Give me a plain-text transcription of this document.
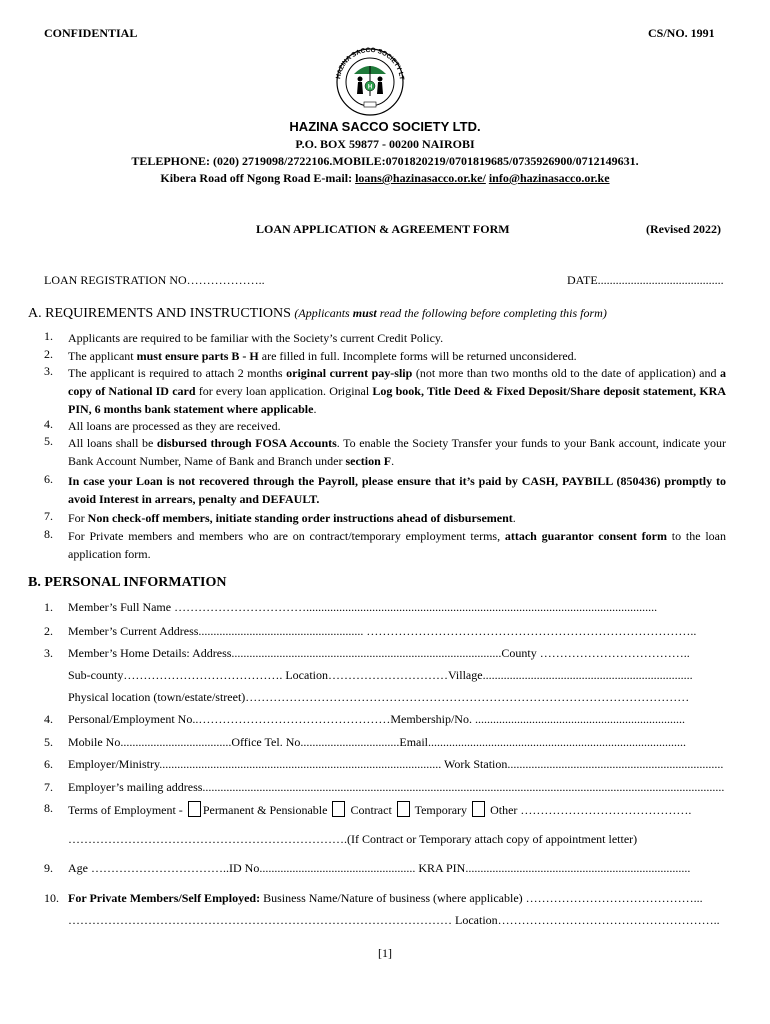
CONFIDENTIAL	CS/NO. 1991
HAZINA SACCO SOCIETY LT
H
HAZINA SACCO SOCIETY LTD.
P.O. BOX 59877 - 00200 NAIROBI
TELEPHONE: (020) 2719098/2722106.MOBILE:0701820219/0701819685/0735926900/0712149631.
Kibera Road off Ngong Road E-mail: loans@hazinasacco.or.ke/ info@hazinasacco.or.ke
LOAN APPLICATION & AGREEMENT FORM	(Revised 2022)
LOAN REGISTRATION NO………………..	DATE..........................................
A. REQUIREMENTS AND INSTRUCTIONS (Applicants must read the following before completing this form)
1. Applicants are required to be familiar with the Society’s current Credit Policy.
2. The applicant must ensure parts B - H are filled in full. Incomplete forms will be returned unconsidered.
3. The applicant is required to attach 2 months original current pay-slip (not more than two months old to the date of application) and a copy of National ID card for every loan application. Original Log book, Title Deed & Fixed Deposit/Share deposit statement, KRA PIN, 6 months bank statement where applicable.
4. All loans are processed as they are received.
5. All loans shall be disbursed through FOSA Accounts. To enable the Society Transfer your funds to your Bank account, indicate your Bank Account Number, Name of Bank and Branch under section F.
6. In case your Loan is not recovered through the Payroll, please ensure that it’s paid by CASH, PAYBILL (850436) promptly to avoid Interest in arrears, penalty and DEFAULT.
7. For Non check-off members, initiate standing order instructions ahead of disbursement.
8. For Private members and members who are on contract/temporary employment terms, attach guarantor consent form to the loan application form.
B. PERSONAL INFORMATION
1. Member’s Full Name …………………………….....................................................................................................................
2. Member’s Current Address....................................................... ………………………………………………………………………..
3. Member’s Home Details: Address..........................................................................................County ………………………………..
Sub-county…………………………………. Location…………………………Village......................................................................
Physical location (town/estate/street)…………………………………………………………………………………………………
4. Personal/Employment No..…………………………………………Membership/No. ......................................................................
5. Mobile No.....................................Office Tel. No.................................Email......................................................................................
6. Employer/Ministry.............................................................................................. Work Station........................................................................
7. Employer’s mailing address..............................................................................................................................................................................
8. Terms of Employment - Permanent & Pensionable Contract Temporary Other …………………………………….
…………………………………………………………….(If Contract or Temporary attach copy of appointment letter)
9. Age ……………………………..ID No.................................................... KRA PIN...........................................................................
10. For Private Members/Self Employed: Business Name/Nature of business (where applicable) ……………………………………...
…………………………………………………………………………………… Location………………………………………………..
[1]
